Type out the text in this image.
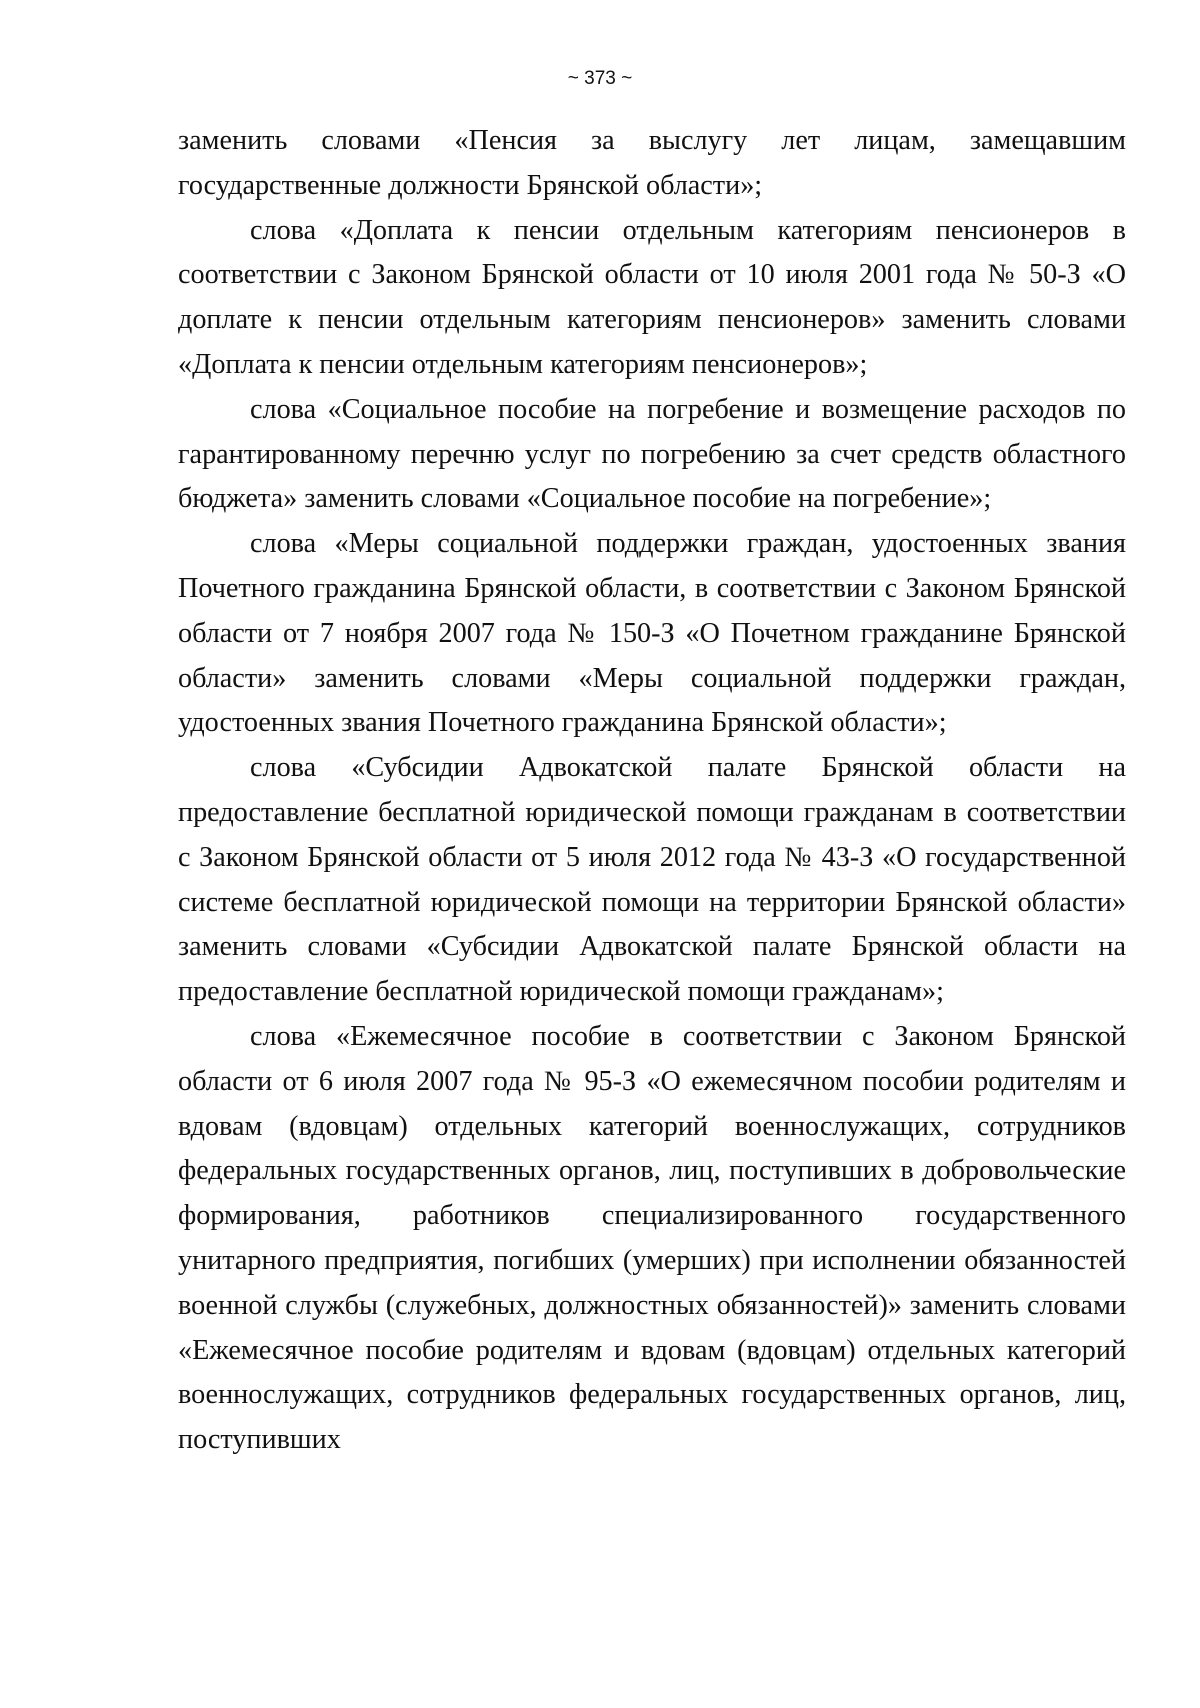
~ 373 ~

заменить словами «Пенсия за выслугу лет лицам, замещавшим государственные должности Брянской области»;

слова «Доплата к пенсии отдельным категориям пенсионеров в соответствии с Законом Брянской области от 10 июля 2001 года № 50-З «О доплате к пенсии отдельным категориям пенсионеров» заменить словами «Доплата к пенсии отдельным категориям пенсионеров»;

слова «Социальное пособие на погребение и возмещение расходов по гарантированному перечню услуг по погребению за счет средств областного бюджета» заменить словами «Социальное пособие на погребение»;

слова «Меры социальной поддержки граждан, удостоенных звания Почетного гражданина Брянской области, в соответствии с Законом Брянской области от 7 ноября 2007 года № 150-З «О Почетном гражданине Брянской области» заменить словами «Меры социальной поддержки граждан, удостоенных звания Почетного гражданина Брянской области»;

слова «Субсидии Адвокатской палате Брянской области на предоставление бесплатной юридической помощи гражданам в соответствии с Законом Брянской области от 5 июля 2012 года № 43-З «О государственной системе бесплатной юридической помощи на территории Брянской области» заменить словами «Субсидии Адвокатской палате Брянской области на предоставление бесплатной юридической помощи гражданам»;

слова «Ежемесячное пособие в соответствии с Законом Брянской области от 6 июля 2007 года № 95-З «О ежемесячном пособии родителям и вдовам (вдовцам) отдельных категорий военнослужащих, сотрудников федеральных государственных органов, лиц, поступивших в добровольческие формирования, работников специализированного государственного унитарного предприятия, погибших (умерших) при исполнении обязанностей военной службы (служебных, должностных обязанностей)» заменить словами «Ежемесячное пособие родителям и вдовам (вдовцам) отдельных категорий военнослужащих, сотрудников федеральных государственных органов, лиц, поступивших
